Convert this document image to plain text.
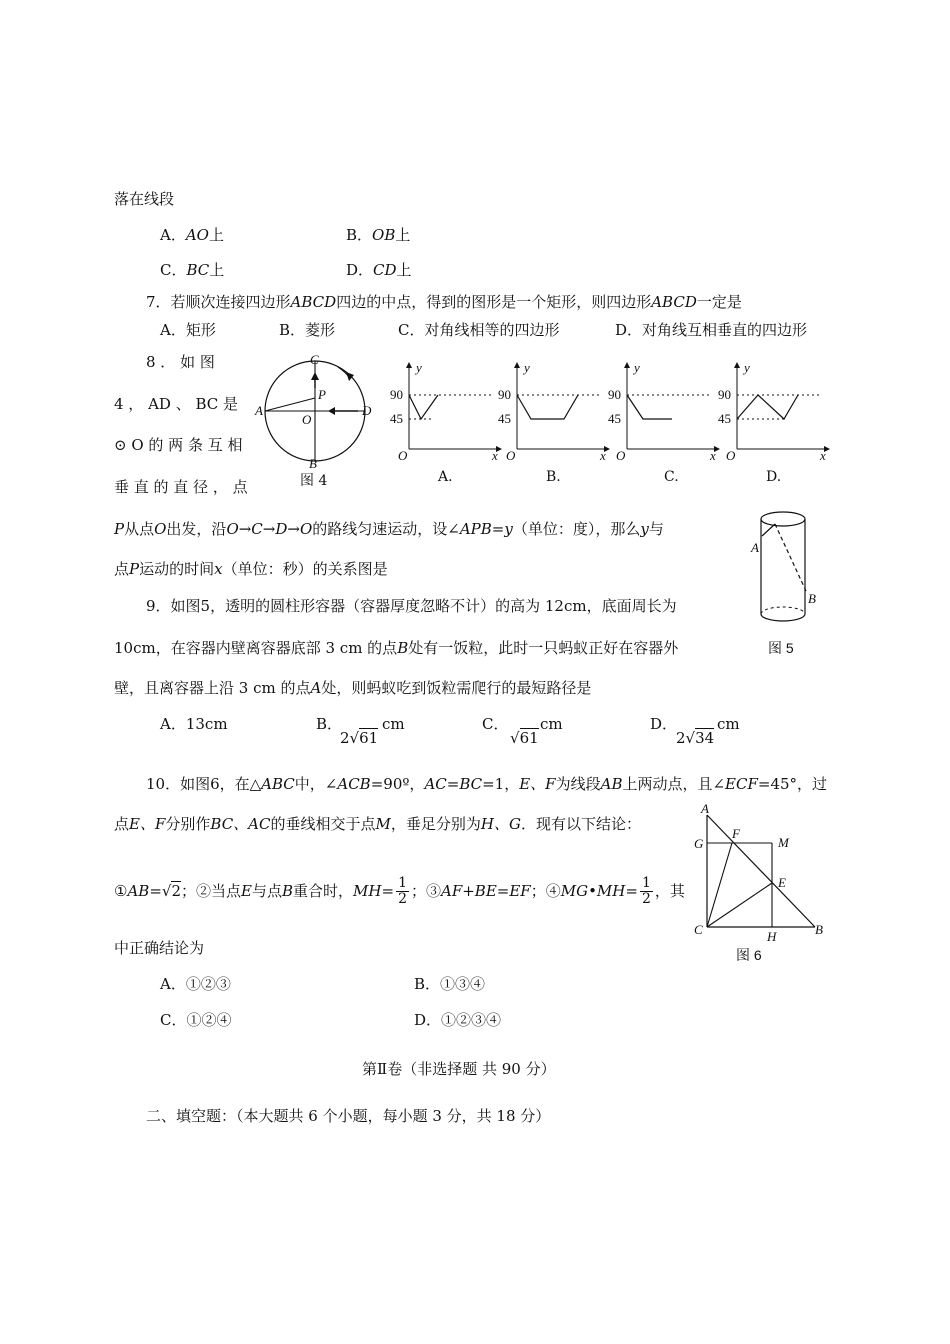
落在线段
A．AO上	B．OB上
C．BC上	D．CD上
7．若顺次连接四边形ABCD四边的中点，得到的图形是一个矩形，则四边形ABCD一定是
A．矩形	B．菱形	C．对角线相等的四边形	D．对角线互相垂直的四边形
8 ． 如 图
4 ， AD 、 BC 是
⊙ O 的 两 条 互 相
垂 直 的 直 径 ， 点
C
P
A
O
D
B
图 4
90
45
y
x
O
A.
90
45
y
x
O
B.
90
45
y
x
O
C.
90
45
y
x
O
D.
P从点O出发，沿O→C→D→O的路线匀速运动，设∠APB=y（单位：度），那么y与
点P运动的时间x（单位：秒）的关系图是
A
B
图 5
9．如图5，透明的圆柱形容器（容器厚度忽略不计）的高为 12cm，底面周长为
10cm，在容器内壁离容器底部 3 cm 的点B处有一饭粒，此时一只蚂蚁正好在容器外
壁，且离容器上沿 3 cm 的点A处，则蚂蚁吃到饭粒需爬行的最短路径是
A．13cm	B．
2√61
cm	C．
√61
cm	D．
2√34
cm
10．如图6，在△ABC中，∠ACB=90º，AC=BC=1，E、F为线段AB上两动点，且∠ECF=45°，过
点E、F分别作BC、AC的垂线相交于点M，垂足分别为H、G．现有以下结论：
①AB=√2；②当点E与点B重合时，$MH= \frac{1}{2}$ ；③AF+BE=EF；④MG•MH= $\frac{1}{2}$ ，其
中正确结论为
A
F
M
G
E
C	H	B
图 6
A．①②③	B．①③④
C．①②④	D．①②③④
第Ⅱ卷（非选择题 共 90 分）
二、填空题：（本大题共 6 个小题，每小题 3 分，共 18 分）
